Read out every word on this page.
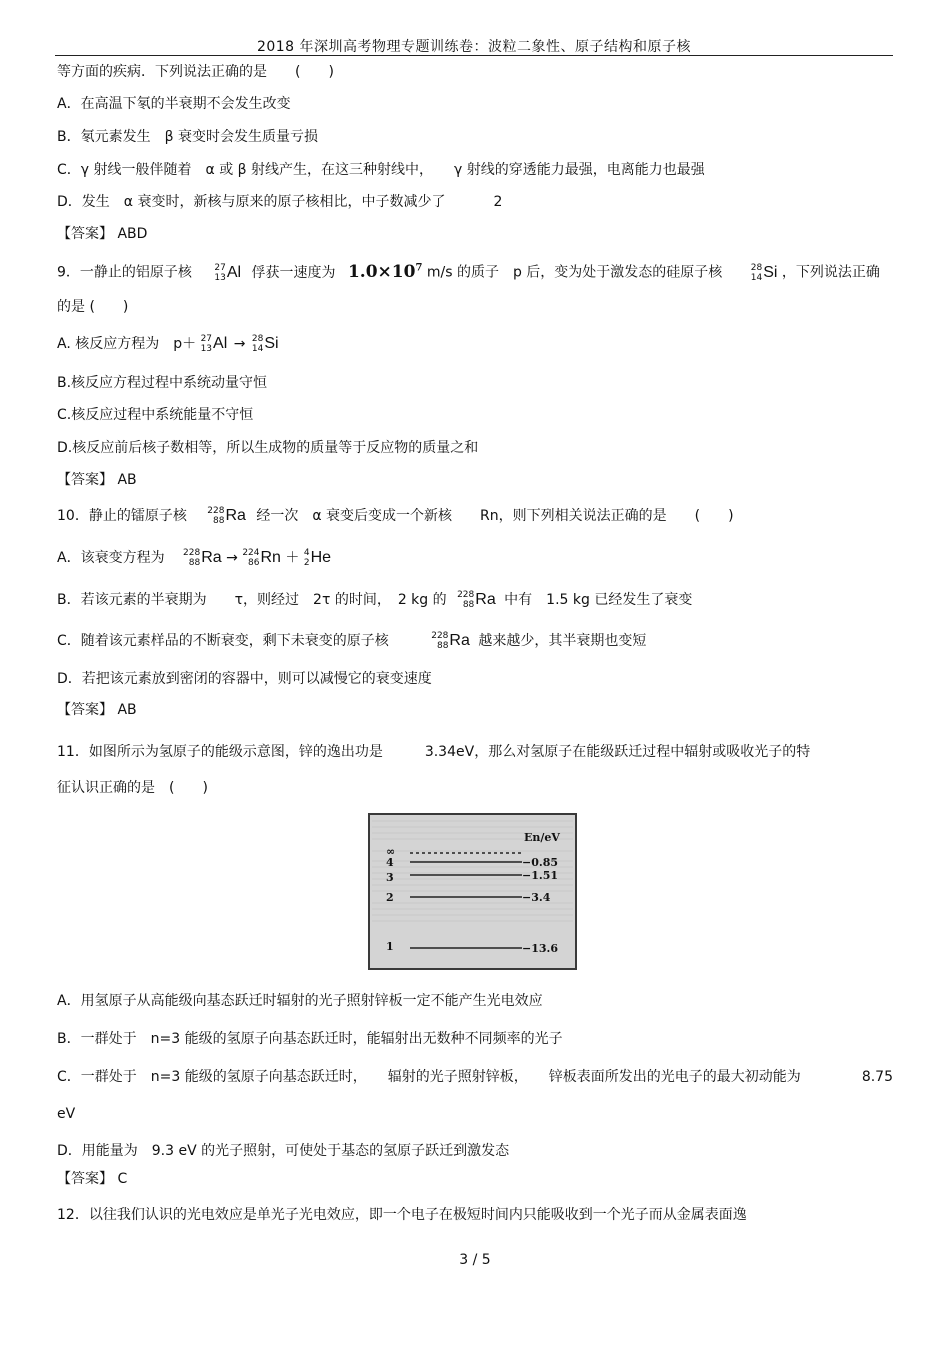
2018 年深圳高考物理专题训练卷：波粒二象性、原子结构和原子核
等方面的疾病．下列说法正确的是　　(　　)
A．在高温下氡的半衰期不会发生改变
B．氡元素发生　β 衰变时会发生质量亏损
C．γ 射线一般伴随着　α 或 β 射线产生，在这三种射线中，　　γ 射线的穿透能力最强，电离能力也最强
D．发生　α 衰变时，新核与原来的原子核相比，中子数减少了	2
【答案】 ABD
9．一静止的铝原子核 27
13 Al 俘获一速度为 $1.0\times 10^7$ m/s 的质子　p 后，变为处于激发态的硅原子核	28
14 Si ，下列说法正确
的是 (　　)
A. 核反应方程为　p＋ 27
13 Al → 28
14 Si
B.核反应方程过程中系统动量守恒
C.核反应过程中系统能量不守恒
D.核反应前后核子数相等，所以生成物的质量等于反应物的质量之和
【答案】 AB
10．静止的镭原子核 228
88 Ra 经一次　α 衰变后变成一个新核　　Rn，则下列相关说法正确的是　　(　　)
A．该衰变方程为 228
88 Ra → 224
86 Rn ＋ 4
2 He
B．若该元素的半衰期为　　τ，则经过　2τ 的时间，　2 kg 的 228
88 Ra 中有　1.5 kg 已经发生了衰变
C．随着该元素样品的不断衰变，剩下未衰变的原子核	228
88 Ra 越来越少，其半衰期也变短
D．若把该元素放到密闭的容器中，则可以减慢它的衰变速度
【答案】 AB
11．如图所示为氢原子的能级示意图，锌的逸出功是	3.34eV，那么对氢原子在能级跃迁过程中辐射或吸收光子的特
征认识正确的是　(　　)
En/eV
∞
4	−0.85
3	−1.51
2	−3.4
1	−13.6
A．用氢原子从高能级向基态跃迁时辐射的光子照射锌板一定不能产生光电效应
B．一群处于　n=3 能级的氢原子向基态跃迁时，能辐射出无数种不同频率的光子
C．一群处于　n=3 能级的氢原子向基态跃迁时，　　辐射的光子照射锌板，　　锌板表面所发出的光电子的最大初动能为	8.75
eV
D．用能量为　9.3 eV 的光子照射，可使处于基态的氢原子跃迁到激发态
【答案】 C
12．以往我们认识的光电效应是单光子光电效应，即一个电子在极短时间内只能吸收到一个光子而从金属表面逸
3 / 5
